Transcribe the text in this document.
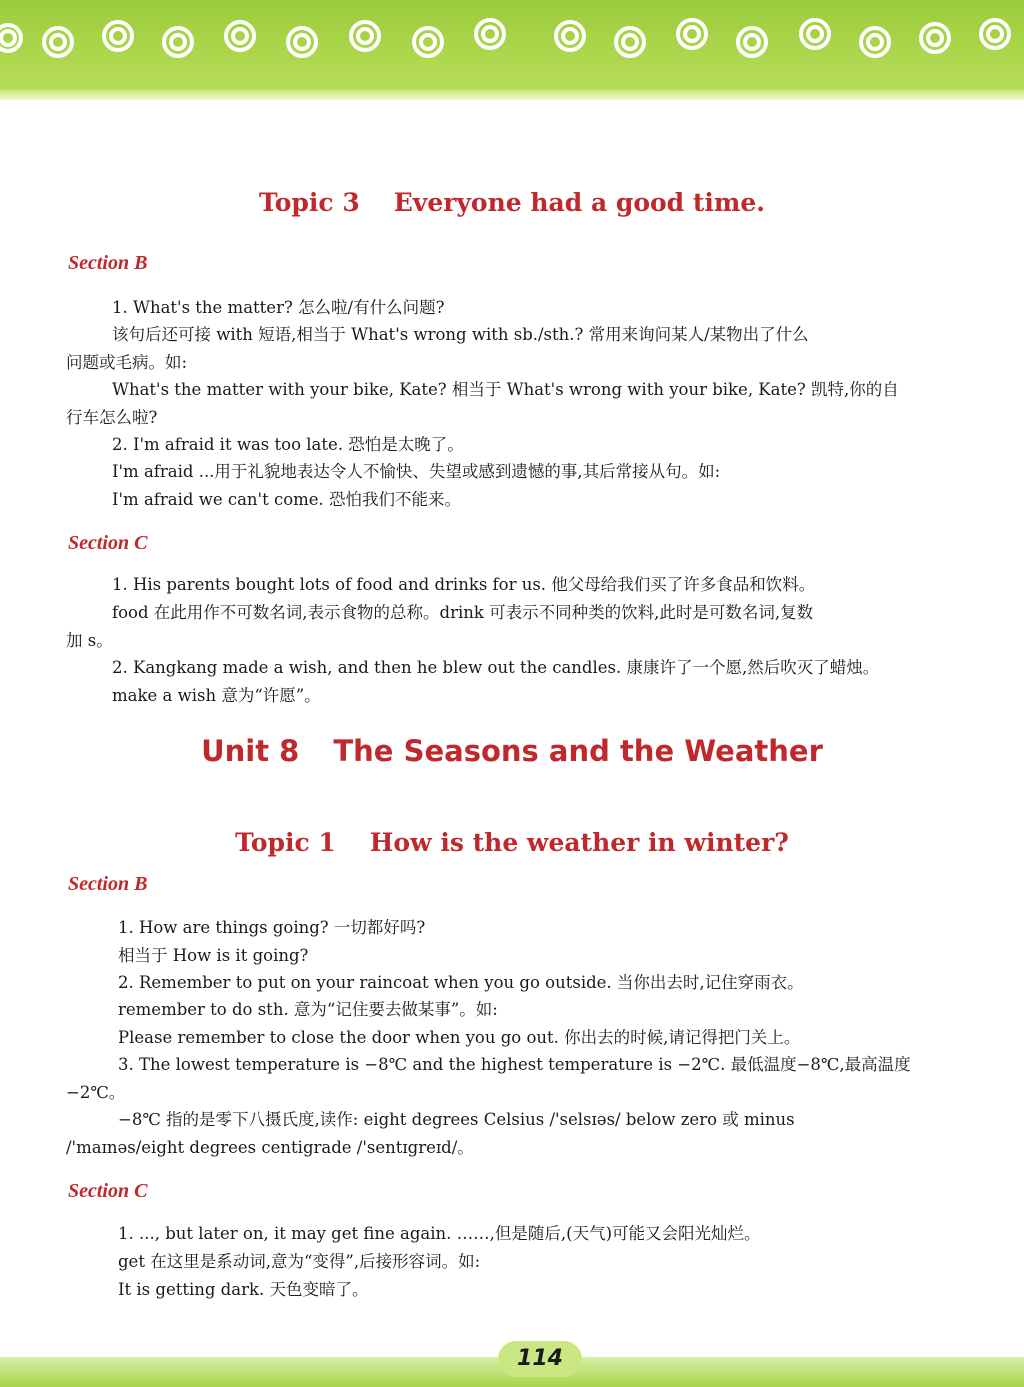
Topic 3 Everyone had a good time.
Section B
1. What's the matter? 怎么啦/有什么问题?
该句后还可接 with 短语,相当于 What's wrong with sb./sth.? 常用来询问某人/某物出了什么
问题或毛病。如:
What's the matter with your bike, Kate? 相当于 What's wrong with your bike, Kate? 凯特,你的自
行车怎么啦?
2. I'm afraid it was too late. 恐怕是太晚了。
I'm afraid ...用于礼貌地表达令人不愉快、失望或感到遗憾的事,其后常接从句。如:
I'm afraid we can't come. 恐怕我们不能来。
Section C
1. His parents bought lots of food and drinks for us. 他父母给我们买了许多食品和饮料。
food 在此用作不可数名词,表示食物的总称。drink 可表示不同种类的饮料,此时是可数名词,复数
加 s。
2. Kangkang made a wish, and then he blew out the candles. 康康许了一个愿,然后吹灭了蜡烛。
make a wish 意为“许愿”。
Unit 8 The Seasons and the Weather
Topic 1 How is the weather in winter?
Section B
1. How are things going? 一切都好吗?
相当于 How is it going?
2. Remember to put on your raincoat when you go outside. 当你出去时,记住穿雨衣。
remember to do sth. 意为“记住要去做某事”。如:
Please remember to close the door when you go out. 你出去的时候,请记得把门关上。
3. The lowest temperature is −8℃ and the highest temperature is −2℃. 最低温度−8℃,最高温度
−2℃。
−8℃ 指的是零下八摄氏度,读作: eight degrees Celsius /'selsɪəs/ below zero 或 minus
/'maɪnəs/eight degrees centigrade /'sentɪgreɪd/。
Section C
1. ..., but later on, it may get fine again. ……,但是随后,(天气)可能又会阳光灿烂。
get 在这里是系动词,意为“变得”,后接形容词。如:
It is getting dark. 天色变暗了。
114
